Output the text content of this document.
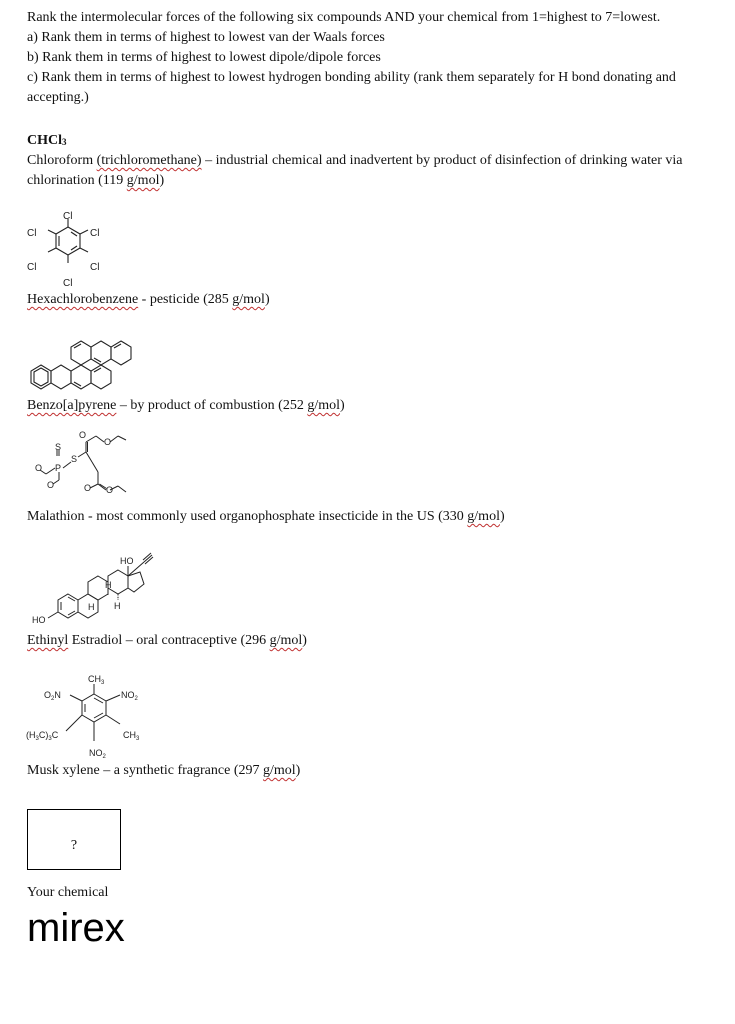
Rank the intermolecular forces of the following six compounds AND your chemical from 1=highest to 7=lowest.
a) Rank them in terms of highest to lowest van der Waals forces
b) Rank them in terms of highest to lowest dipole/dipole forces
c) Rank them in terms of highest to lowest hydrogen bonding ability (rank them separately for H bond donating and accepting.)
CHCl$_3$
Chloroform (trichloromethane) – industrial chemical and inadvertent by product of disinfection of drinking water via chlorination (119 g/mol)
Cl
Cl
Cl
Cl
Cl
Cl
Hexachlorobenzene - pesticide (285 g/mol)
Benzo[a]pyrene – by product of combustion (252 g/mol)
O
O
O O
S
S
P
O
O
Malathion - most commonly used organophosphate insecticide in the US (330 g/mol)
HO
HO
H
H H
Ethinyl Estradiol – oral contraceptive (296 g/mol)
$CH_3$
$O_2N$	$NO_2$
$CH_3$
$(H_3C)_3C$
$NO_2$
Musk xylene – a synthetic fragrance (297 g/mol)
?
Your chemical
mirex
